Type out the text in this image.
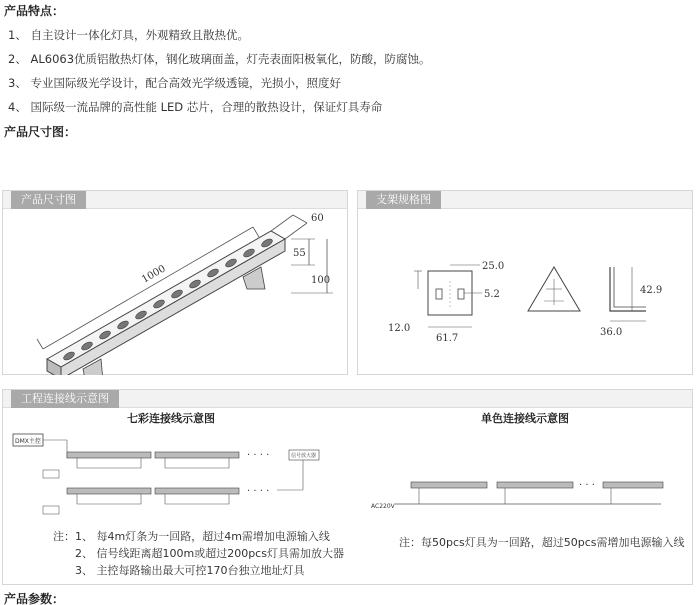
产品特点：
1、 自主设计一体化灯具，外观精致且散热优。
2、 AL6063优质铝散热灯体，钢化玻璃面盖，灯壳表面阳极氧化，防酸，防腐蚀。
3、 专业国际级光学设计，配合高效光学级透镜，光损小，照度好
4、 国际级一流品牌的高性能 LED 芯片，合理的散热设计，保证灯具寿命
产品尺寸图：
产品尺寸图
1000
60
55
100
支架规格图
25.0
5.2
12.0
61.7
42.9
36.0
工程连接线示意图
七彩连接线示意图	单色连接线示意图
DMX主控
· · · ·	信号放大器
· · · ·
AC220V
· · ·
注：1、 每4m灯条为一回路，超过4m需增加电源输入线
2、 信号线距离超100m或超过200pcs灯具需加放大器
3、 主控每路输出最大可控170台独立地址灯具
注：每50pcs灯具为一回路，超过50pcs需增加电源输入线
产品参数：
